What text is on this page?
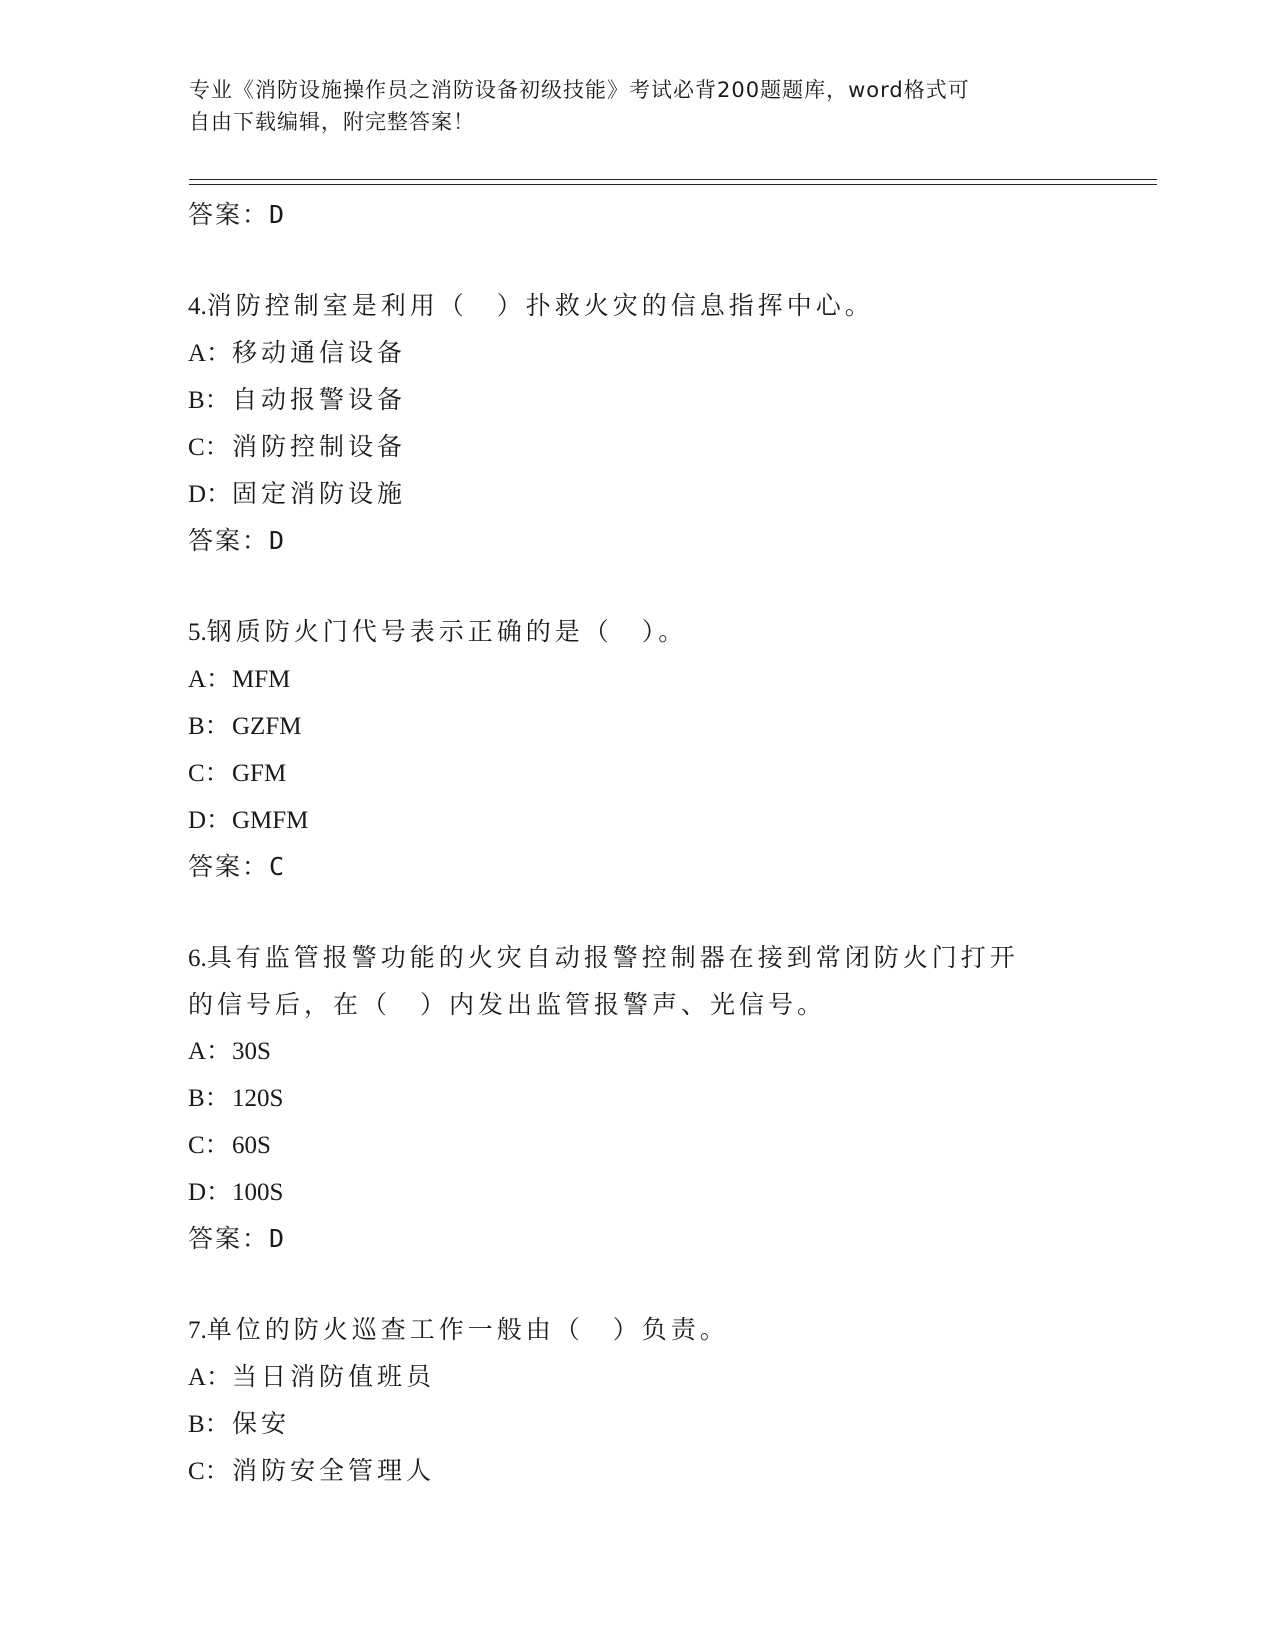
专业《消防设施操作员之消防设备初级技能》考试必背200题题库，word格式可
自由下载编辑，附完整答案！
答案：D
4.消防控制室是利用（　）扑救火灾的信息指挥中心。
A：移动通信设备
B：自动报警设备
C：消防控制设备
D：固定消防设施
答案：D
5.钢质防火门代号表示正确的是（　）。
A：MFM
B：GZFM
C：GFM
D：GMFM
答案：C
6.具有监管报警功能的火灾自动报警控制器在接到常闭防火门打开的信号后，在（　）内发出监管报警声、光信号。
A：30S
B：120S
C：60S
D：100S
答案：D
7.单位的防火巡查工作一般由（　）负责。
A：当日消防值班员
B：保安
C：消防安全管理人
